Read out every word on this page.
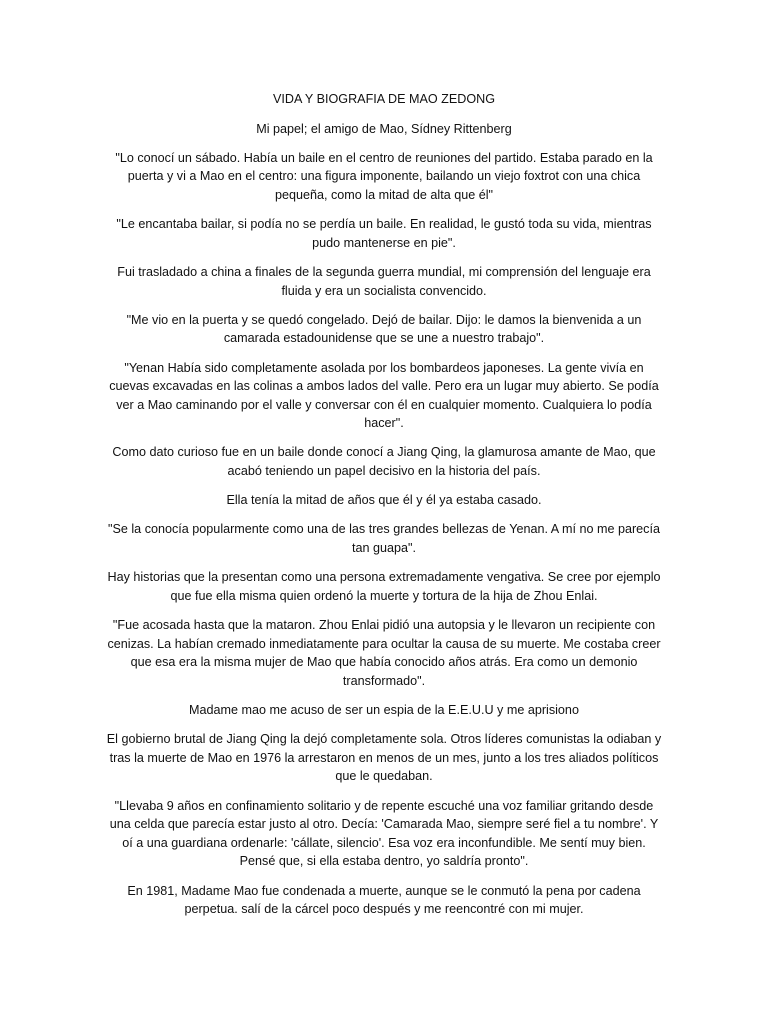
VIDA Y BIOGRAFIA DE MAO ZEDONG

Mi papel; el amigo de Mao, Sídney Rittenberg

"Lo conocí un sábado. Había un baile en el centro de reuniones del partido. Estaba parado en la puerta y vi a Mao en el centro: una figura imponente, bailando un viejo foxtrot con una chica pequeña, como la mitad de alta que él"

"Le encantaba bailar, si podía no se perdía un baile. En realidad, le gustó toda su vida, mientras pudo mantenerse en pie".

Fui trasladado a china a finales de la segunda guerra mundial, mi comprensión del lenguaje era fluida y era un socialista convencido.

"Me vio en la puerta y se quedó congelado. Dejó de bailar. Dijo: le damos la bienvenida a un camarada estadounidense que se une a nuestro trabajo".

"Yenan Había sido completamente asolada por los bombardeos japoneses. La gente vivía en cuevas excavadas en las colinas a ambos lados del valle. Pero era un lugar muy abierto. Se podía ver a Mao caminando por el valle y conversar con él en cualquier momento. Cualquiera lo podía hacer".

Como dato curioso fue en un baile donde conocí a Jiang Qing, la glamurosa amante de Mao, que acabó teniendo un papel decisivo en la historia del país.

Ella tenía la mitad de años que él y él ya estaba casado.

"Se la conocía popularmente como una de las tres grandes bellezas de Yenan. A mí no me parecía tan guapa".

Hay historias que la presentan como una persona extremadamente vengativa. Se cree por ejemplo que fue ella misma quien ordenó la muerte y tortura de la hija de Zhou Enlai.

"Fue acosada hasta que la mataron. Zhou Enlai pidió una autopsia y le llevaron un recipiente con cenizas. La habían cremado inmediatamente para ocultar la causa de su muerte. Me costaba creer que esa era la misma mujer de Mao que había conocido años atrás. Era como un demonio transformado".

Madame mao me acuso de ser un espia de la E.E.U.U y me aprisiono

El gobierno brutal de Jiang Qing la dejó completamente sola. Otros líderes comunistas la odiaban y tras la muerte de Mao en 1976 la arrestaron en menos de un mes, junto a los tres aliados políticos que le quedaban.

"Llevaba 9 años en confinamiento solitario y de repente escuché una voz familiar gritando desde una celda que parecía estar justo al otro. Decía: 'Camarada Mao, siempre seré fiel a tu nombre'. Y oí a una guardiana ordenarle: 'cállate, silencio'. Esa voz era inconfundible. Me sentí muy bien. Pensé que, si ella estaba dentro, yo saldría pronto".

En 1981, Madame Mao fue condenada a muerte, aunque se le conmutó la pena por cadena perpetua. salí de la cárcel poco después y me reencontré con mi mujer.
